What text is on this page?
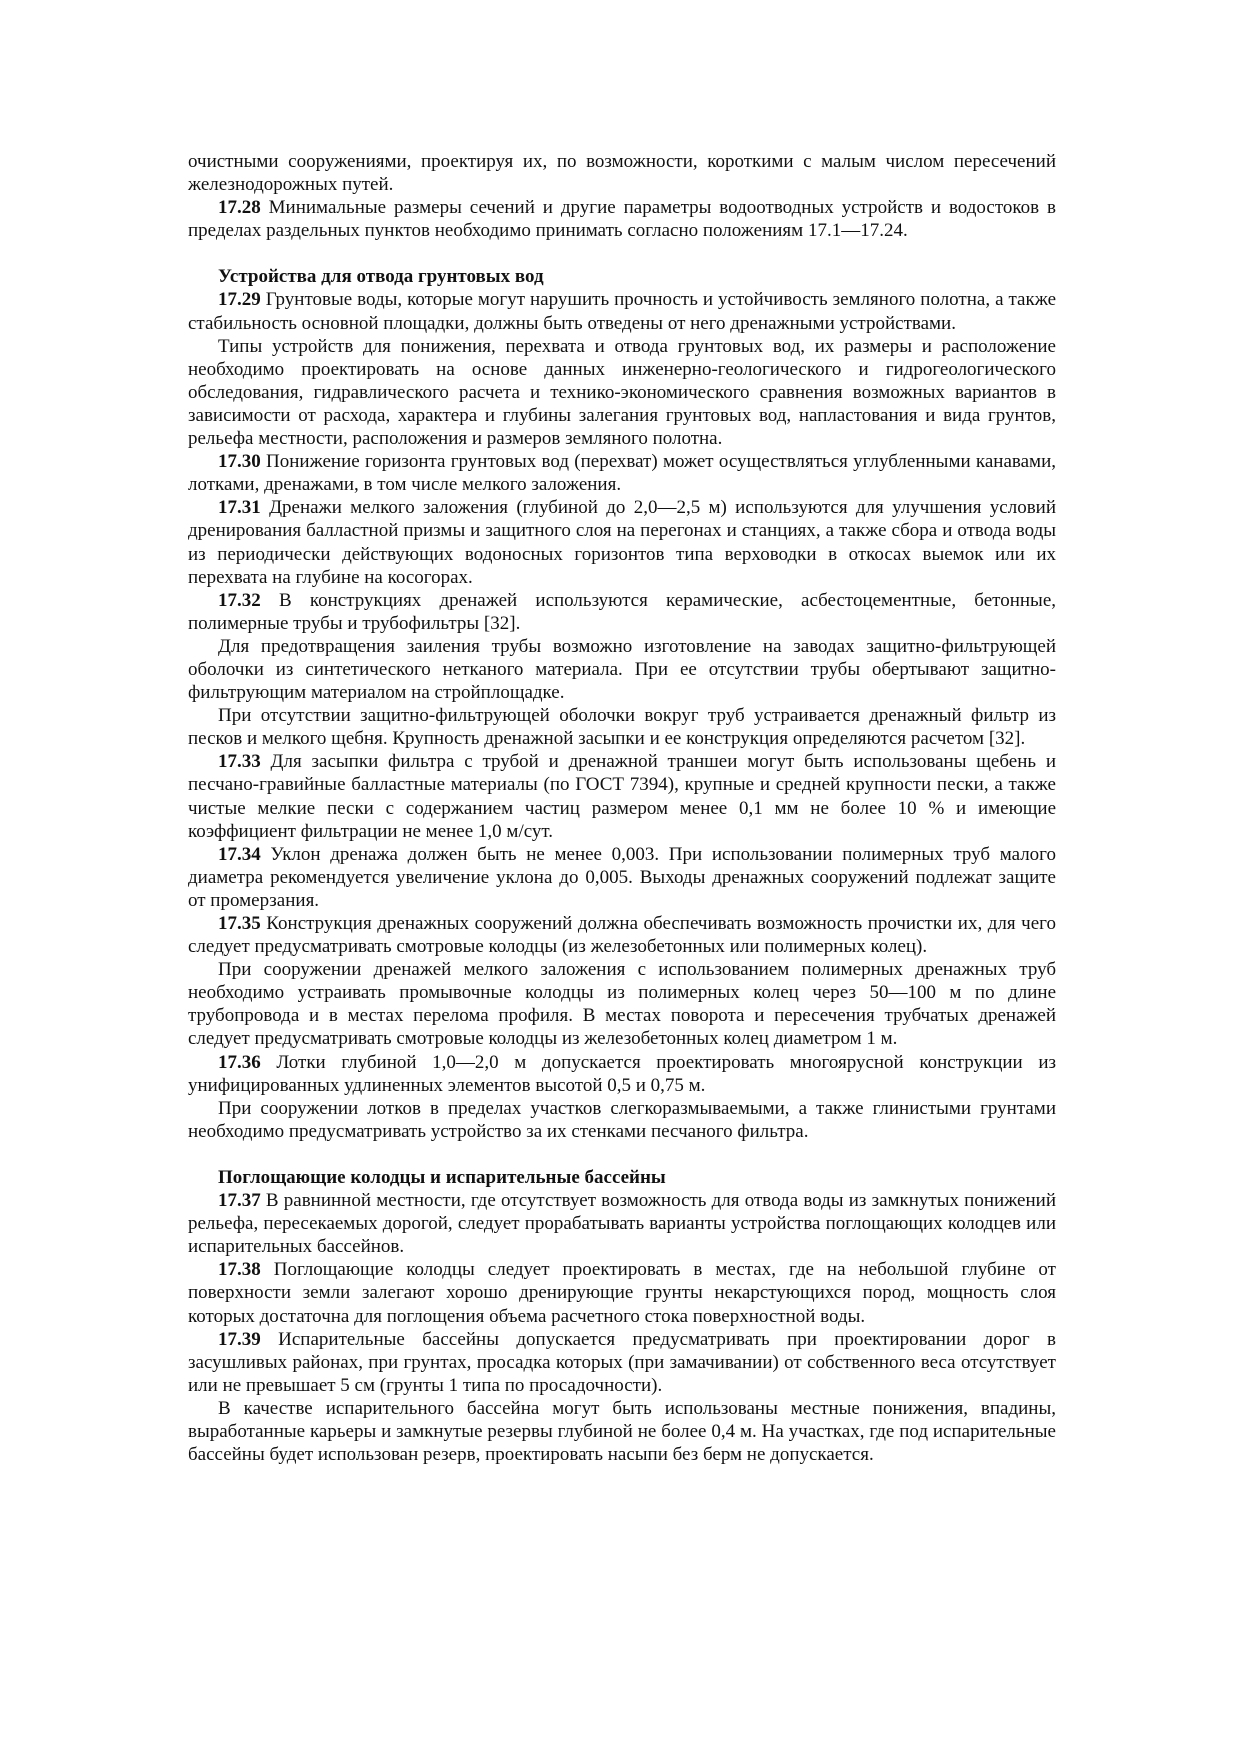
очистными сооружениями, проектируя их, по возможности, короткими с малым числом пересечений железнодорожных путей.

17.28 Минимальные размеры сечений и другие параметры водоотводных устройств и водостоков в пределах раздельных пунктов необходимо принимать согласно положениям 17.1—17.24.

Устройства для отвода грунтовых вод

17.29 Грунтовые воды, которые могут нарушить прочность и устойчивость земляного полотна, а также стабильность основной площадки, должны быть отведены от него дренажными устройствами.

Типы устройств для понижения, перехвата и отвода грунтовых вод, их размеры и расположение необходимо проектировать на основе данных инженерно-геологического и гидрогеологического обследования, гидравлического расчета и технико-экономического сравнения возможных вариантов в зависимости от расхода, характера и глубины залегания грунтовых вод, напластования и вида грунтов, рельефа местности, расположения и размеров земляного полотна.

17.30 Понижение горизонта грунтовых вод (перехват) может осуществляться углубленными канавами, лотками, дренажами, в том числе мелкого заложения.

17.31 Дренажи мелкого заложения (глубиной до 2,0—2,5 м) используются для улучшения условий дренирования балластной призмы и защитного слоя на перегонах и станциях, а также сбора и отвода воды из периодически действующих водоносных горизонтов типа верховодки в откосах выемок или их перехвата на глубине на косогорах.

17.32 В конструкциях дренажей используются керамические, асбестоцементные, бетонные, полимерные трубы и трубофильтры [32].

Для предотвращения заиления трубы возможно изготовление на заводах защитно-фильтрующей оболочки из синтетического нетканого материала. При ее отсутствии трубы обертывают защитно-фильтрующим материалом на стройплощадке.

При отсутствии защитно-фильтрующей оболочки вокруг труб устраивается дренажный фильтр из песков и мелкого щебня. Крупность дренажной засыпки и ее конструкция определяются расчетом [32].

17.33 Для засыпки фильтра с трубой и дренажной траншеи могут быть использованы щебень и песчано-гравийные балластные материалы (по ГОСТ 7394), крупные и средней крупности пески, а также чистые мелкие пески с содержанием частиц размером менее 0,1 мм не более 10 % и имеющие коэффициент фильтрации не менее 1,0 м/сут.

17.34 Уклон дренажа должен быть не менее 0,003. При использовании полимерных труб малого диаметра рекомендуется увеличение уклона до 0,005. Выходы дренажных сооружений подлежат защите от промерзания.

17.35 Конструкция дренажных сооружений должна обеспечивать возможность прочистки их, для чего следует предусматривать смотровые колодцы (из железобетонных или полимерных колец).

При сооружении дренажей мелкого заложения с использованием полимерных дренажных труб необходимо устраивать промывочные колодцы из полимерных колец через 50—100 м по длине трубопровода и в местах перелома профиля. В местах поворота и пересечения трубчатых дренажей следует предусматривать смотровые колодцы из железобетонных колец диаметром 1 м.

17.36 Лотки глубиной 1,0—2,0 м допускается проектировать многоярусной конструкции из унифицированных удлиненных элементов высотой 0,5 и 0,75 м.

При сооружении лотков в пределах участков слегкоразмываемыми, а также глинистыми грунтами необходимо предусматривать устройство за их стенками песчаного фильтра.

Поглощающие колодцы и испарительные бассейны

17.37 В равнинной местности, где отсутствует возможность для отвода воды из замкнутых понижений рельефа, пересекаемых дорогой, следует прорабатывать варианты устройства поглощающих колодцев или испарительных бассейнов.

17.38 Поглощающие колодцы следует проектировать в местах, где на небольшой глубине от поверхности земли залегают хорошо дренирующие грунты некарстующихся пород, мощность слоя которых достаточна для поглощения объема расчетного стока поверхностной воды.

17.39 Испарительные бассейны допускается предусматривать при проектировании дорог в засушливых районах, при грунтах, просадка которых (при замачивании) от собственного веса отсутствует или не превышает 5 см (грунты 1 типа по просадочности).

В качестве испарительного бассейна могут быть использованы местные понижения, впадины, выработанные карьеры и замкнутые резервы глубиной не более 0,4 м. На участках, где под испарительные бассейны будет использован резерв, проектировать насыпи без берм не допускается.
